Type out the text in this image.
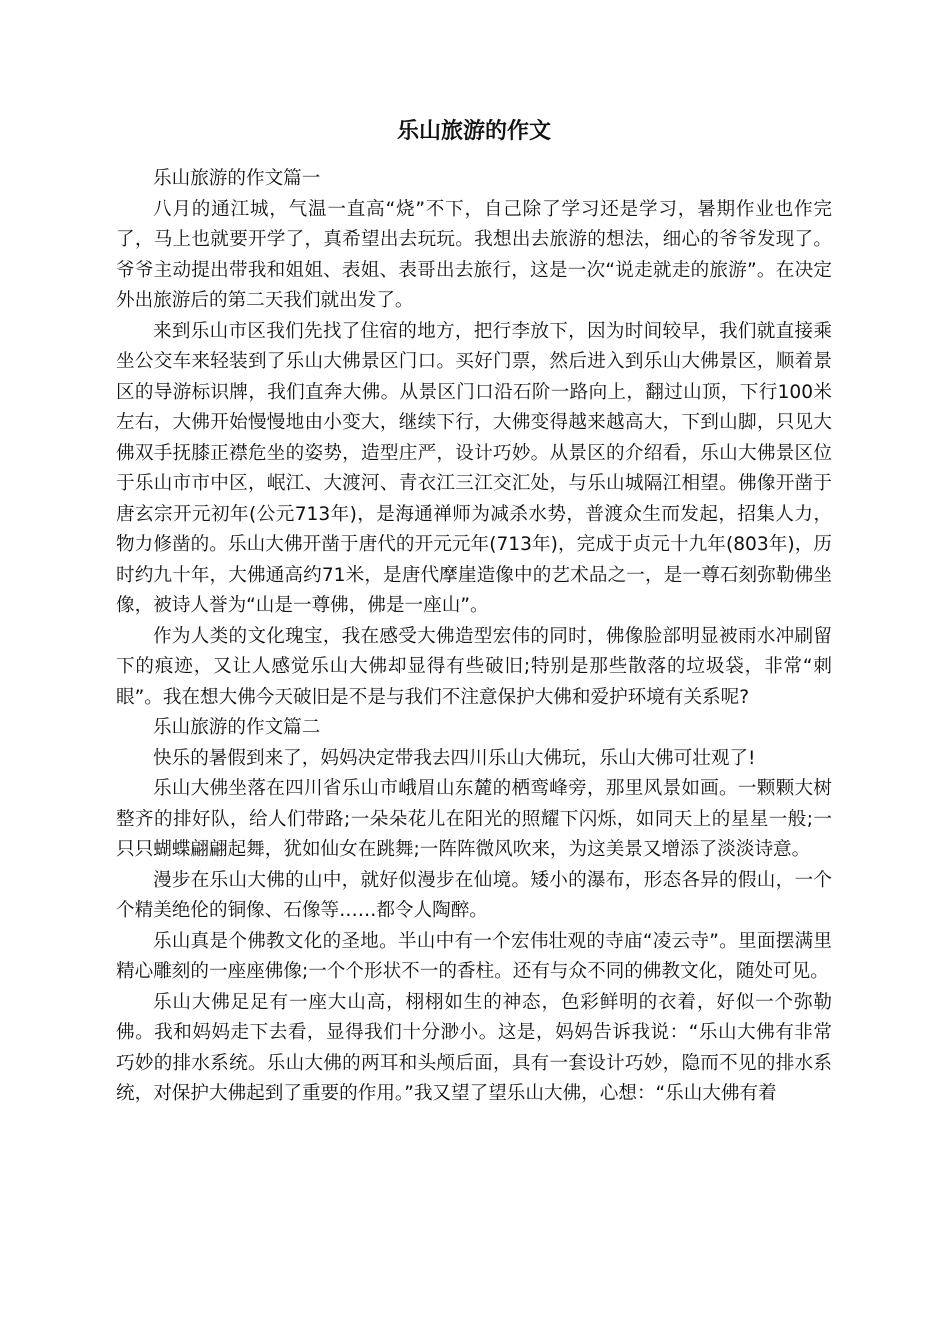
乐山旅游的作文

乐山旅游的作文篇一

八月的通江城，气温一直高“烧”不下，自己除了学习还是学习，暑期作业也作完了，马上也就要开学了，真希望出去玩玩。我想出去旅游的想法，细心的爷爷发现了。爷爷主动提出带我和姐姐、表姐、表哥出去旅行，这是一次“说走就走的旅游”。在决定外出旅游后的第二天我们就出发了。

来到乐山市区我们先找了住宿的地方，把行李放下，因为时间较早，我们就直接乘坐公交车来轻装到了乐山大佛景区门口。买好门票，然后进入到乐山大佛景区，顺着景区的导游标识牌，我们直奔大佛。从景区门口沿石阶一路向上，翻过山顶，下行100米左右，大佛开始慢慢地由小变大，继续下行，大佛变得越来越高大，下到山脚，只见大佛双手抚膝正襟危坐的姿势，造型庄严，设计巧妙。从景区的介绍看，乐山大佛景区位于乐山市市中区，岷江、大渡河、青衣江三江交汇处，与乐山城隔江相望。佛像开凿于唐玄宗开元初年(公元713年)，是海通禅师为减杀水势，普渡众生而发起，招集人力，物力修凿的。乐山大佛开凿于唐代的开元元年(713年)，完成于贞元十九年(803年)，历时约九十年，大佛通高约71米，是唐代摩崖造像中的艺术品之一，是一尊石刻弥勒佛坐像，被诗人誉为“山是一尊佛，佛是一座山”。

作为人类的文化瑰宝，我在感受大佛造型宏伟的同时，佛像脸部明显被雨水冲刷留下的痕迹，又让人感觉乐山大佛却显得有些破旧;特别是那些散落的垃圾袋，非常“刺眼”。我在想大佛今天破旧是不是与我们不注意保护大佛和爱护环境有关系呢?

乐山旅游的作文篇二

快乐的暑假到来了，妈妈决定带我去四川乐山大佛玩，乐山大佛可壮观了!

乐山大佛坐落在四川省乐山市峨眉山东麓的栖鸾峰旁，那里风景如画。一颗颗大树整齐的排好队，给人们带路;一朵朵花儿在阳光的照耀下闪烁，如同天上的星星一般;一只只蝴蝶翩翩起舞，犹如仙女在跳舞;一阵阵微风吹来，为这美景又增添了淡淡诗意。

漫步在乐山大佛的山中，就好似漫步在仙境。矮小的瀑布，形态各异的假山，一个个精美绝伦的铜像、石像等……都令人陶醉。

乐山真是个佛教文化的圣地。半山中有一个宏伟壮观的寺庙“凌云寺”。里面摆满里精心雕刻的一座座佛像;一个个形状不一的香柱。还有与众不同的佛教文化，随处可见。

乐山大佛足足有一座大山高，栩栩如生的神态，色彩鲜明的衣着，好似一个弥勒佛。我和妈妈走下去看，显得我们十分渺小。这是，妈妈告诉我说：“乐山大佛有非常巧妙的排水系统。乐山大佛的两耳和头颅后面，具有一套设计巧妙，隐而不见的排水系统，对保护大佛起到了重要的作用。”我又望了望乐山大佛，心想：“乐山大佛有着
